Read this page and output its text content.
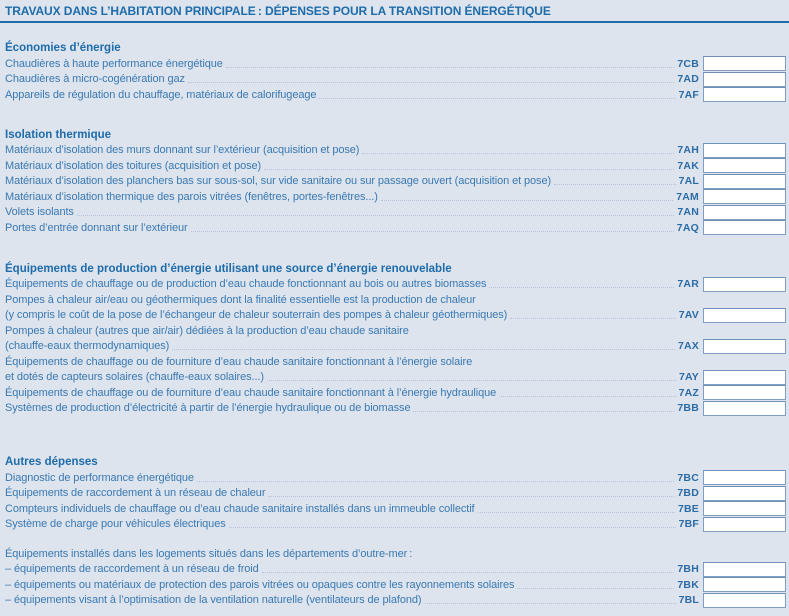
TRAVAUX DANS L’HABITATION PRINCIPALE : DÉPENSES POUR LA TRANSITION ÉNERGÉTIQUE
Économies d’énergie
Chaudières à haute performance énergétique	7CB
Chaudières à micro-cogénération gaz	7AD
Appareils de régulation du chauffage, matériaux de calorifugeage	7AF
Isolation thermique
Matériaux d’isolation des murs donnant sur l’extérieur (acquisition et pose)	7AH
Matériaux d’isolation des toitures (acquisition et pose)	7AK
Matériaux d’isolation des planchers bas sur sous-sol, sur vide sanitaire ou sur passage ouvert (acquisition et pose)	7AL
Matériaux d’isolation thermique des parois vitrées (fenêtres, portes-fenêtres...)	7AM
Volets isolants	7AN
Portes d’entrée donnant sur l’extérieur	7AQ
Équipements de production d’énergie utilisant une source d’énergie renouvelable
Équipements de chauffage ou de production d’eau chaude fonctionnant au bois ou autres biomasses	7AR
Pompes à chaleur air/eau ou géothermiques dont la finalité essentielle est la production de chaleur
(y compris le coût de la pose de l’échangeur de chaleur souterrain des pompes à chaleur géothermiques)	7AV
Pompes à chaleur (autres que air/air) dédiées à la production d’eau chaude sanitaire
(chauffe-eaux thermodynamiques)	7AX
Équipements de chauffage ou de fourniture d’eau chaude sanitaire fonctionnant à l’énergie solaire
et dotés de capteurs solaires (chauffe-eaux solaires...)	7AY
Équipements de chauffage ou de fourniture d’eau chaude sanitaire fonctionnant à l’énergie hydraulique	7AZ
Systèmes de production d’électricité à partir de l’énergie hydraulique ou de biomasse	7BB
Autres dépenses
Diagnostic de performance énergétique	7BC
Équipements de raccordement à un réseau de chaleur	7BD
Compteurs individuels de chauffage ou d’eau chaude sanitaire installés dans un immeuble collectif	7BE
Système de charge pour véhicules électriques	7BF
Équipements installés dans les logements situés dans les départements d’outre-mer :
– équipements de raccordement à un réseau de froid	7BH
– équipements ou matériaux de protection des parois vitrées ou opaques contre les rayonnements solaires	7BK
– équipements visant à l’optimisation de la ventilation naturelle (ventilateurs de plafond)	7BL
